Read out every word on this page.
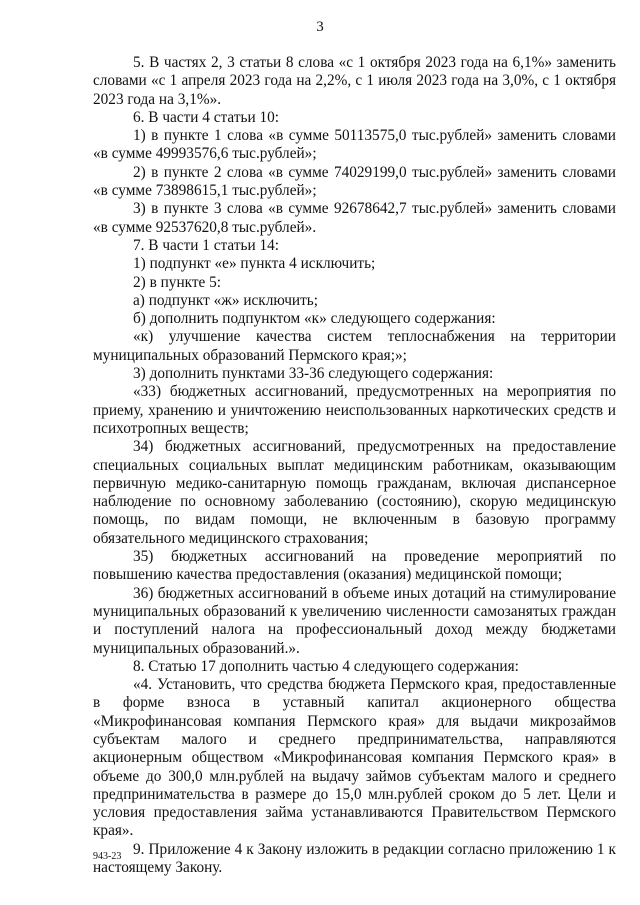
3

5. В частях 2, 3 статьи 8 слова «с 1 октября 2023 года на 6,1%» заменить словами «с 1 апреля 2023 года на 2,2%, с 1 июля 2023 года на 3,0%, с 1 октября 2023 года на 3,1%».

6. В части 4 статьи 10:

1) в пункте 1 слова «в сумме 50113575,0 тыс.рублей» заменить словами «в сумме 49993576,6 тыс.рублей»;

2) в пункте 2 слова «в сумме 74029199,0 тыс.рублей» заменить словами «в сумме 73898615,1 тыс.рублей»;

3) в пункте 3 слова «в сумме 92678642,7 тыс.рублей» заменить словами «в сумме 92537620,8 тыс.рублей».

7. В части 1 статьи 14:

1) подпункт «е» пункта 4 исключить;

2) в пункте 5:

а) подпункт «ж» исключить;

б) дополнить подпунктом «к» следующего содержания:

«к) улучшение качества систем теплоснабжения на территории муниципальных образований Пермского края;»;

3) дополнить пунктами 33-36 следующего содержания:

«33) бюджетных ассигнований, предусмотренных на мероприятия по приему, хранению и уничтожению неиспользованных наркотических средств и психотропных веществ;

34) бюджетных ассигнований, предусмотренных на предоставление специальных социальных выплат медицинским работникам, оказывающим первичную медико-санитарную помощь гражданам, включая диспансерное наблюдение по основному заболеванию (состоянию), скорую медицинскую помощь, по видам помощи, не включенным в базовую программу обязательного медицинского страхования;

35) бюджетных ассигнований на проведение мероприятий по повышению качества предоставления (оказания) медицинской помощи;

36) бюджетных ассигнований в объеме иных дотаций на стимулирование муниципальных образований к увеличению численности самозанятых граждан и поступлений налога на профессиональный доход между бюджетами муниципальных образований.».

8. Статью 17 дополнить частью 4 следующего содержания:

«4. Установить, что средства бюджета Пермского края, предоставленные в форме взноса в уставный капитал акционерного общества «Микрофинансовая компания Пермского края» для выдачи микрозаймов субъектам малого и среднего предпринимательства, направляются акционерным обществом «Микрофинансовая компания Пермского края» в объеме до 300,0 млн.рублей на выдачу займов субъектам малого и среднего предпринимательства в размере до 15,0 млн.рублей сроком до 5 лет. Цели и условия предоставления займа устанавливаются Правительством Пермского края».

9. Приложение 4 к Закону изложить в редакции согласно приложению 1 к настоящему Закону.

943-23
